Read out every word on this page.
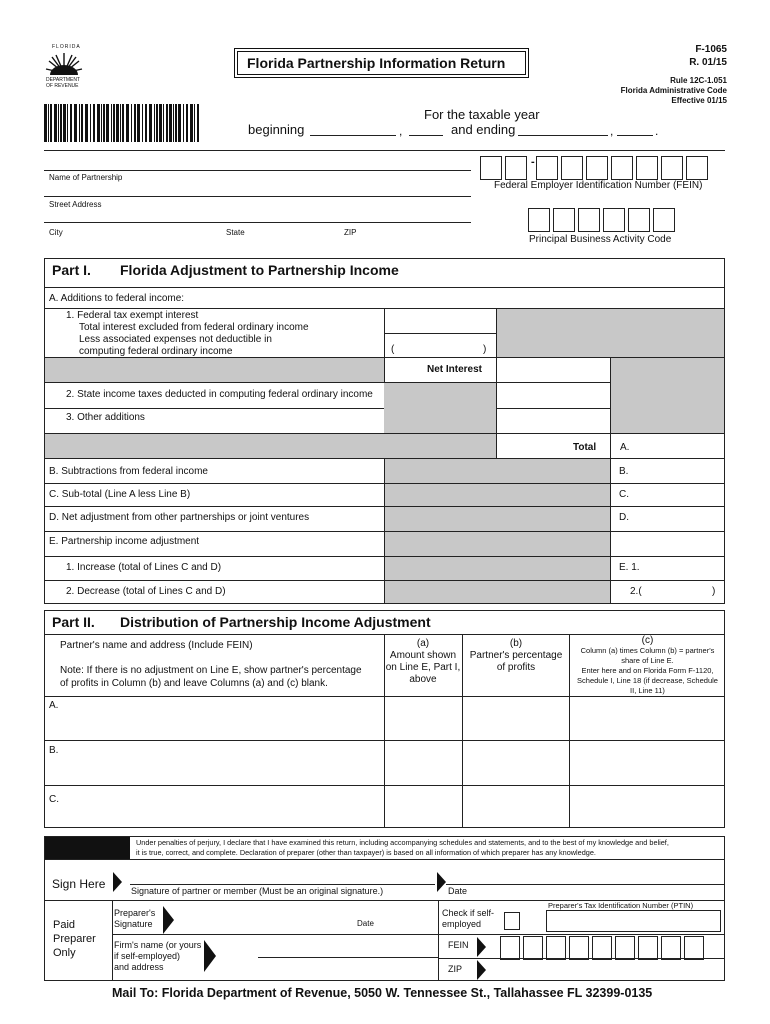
FLORIDA
DEPARTMENT
OF REVENUE
Florida Partnership Information Return
F-1065
R. 01/15
Rule 12C-1.051
Florida Administrative Code
Effective 01/15
For the taxable year
beginning	,	and ending	,	.
Name of Partnership
Street Address
City	State	ZIP
-
Federal Employer Identification Number (FEIN)
Principal Business Activity Code
Part I. Florida Adjustment to Partnership Income
A. Additions to federal income:
1. Federal tax exempt interest
Total interest excluded from federal ordinary income
Less associated expenses not deductible in
computing federal ordinary income	(	)
Net Interest
2. State income taxes deducted in computing federal ordinary income
3. Other additions
Total A.
B. Subtractions from federal income	B.
C. Sub-total (Line A less Line B)	C.
D. Net adjustment from other partnerships or joint ventures	D.
E. Partnership income adjustment
1. Increase (total of Lines C and D)	E. 1.
2. Decrease (total of Lines C and D)	2.(	)
Part II. Distribution of Partnership Income Adjustment
Partner's name and address (Include FEIN)
Note: If there is no adjustment on Line E, show partner's percentage
of profits in Column (b) and leave Columns (a) and (c) blank.
(a)
Amount shown
on Line E, Part I,
above
(b)
Partner's percentage
of profits
(c)
Column (a) times Column (b) = partner's
share of Line E.
Enter here and on Florida Form F-1120,
Schedule I, Line 18 (if decrease, Schedule
II, Line 11)
A.
B.
C.
Under penalties of perjury, I declare that I have examined this return, including accompanying schedules and statements, and to the best of my knowledge and belief,
it is true, correct, and complete. Declaration of preparer (other than taxpayer) is based on all information of which preparer has any knowledge.
Sign Here	Signature of partner or member (Must be an original signature.)	Date
Paid
Preparer
Only
Preparer's
Signature	Date
Check if self-
employed
Preparer's Tax Identification Number (PTIN)
Firm's name (or yours
if self-employed)
and address
FEIN
ZIP
Mail To: Florida Department of Revenue, 5050 W. Tennessee St., Tallahassee FL 32399-0135
